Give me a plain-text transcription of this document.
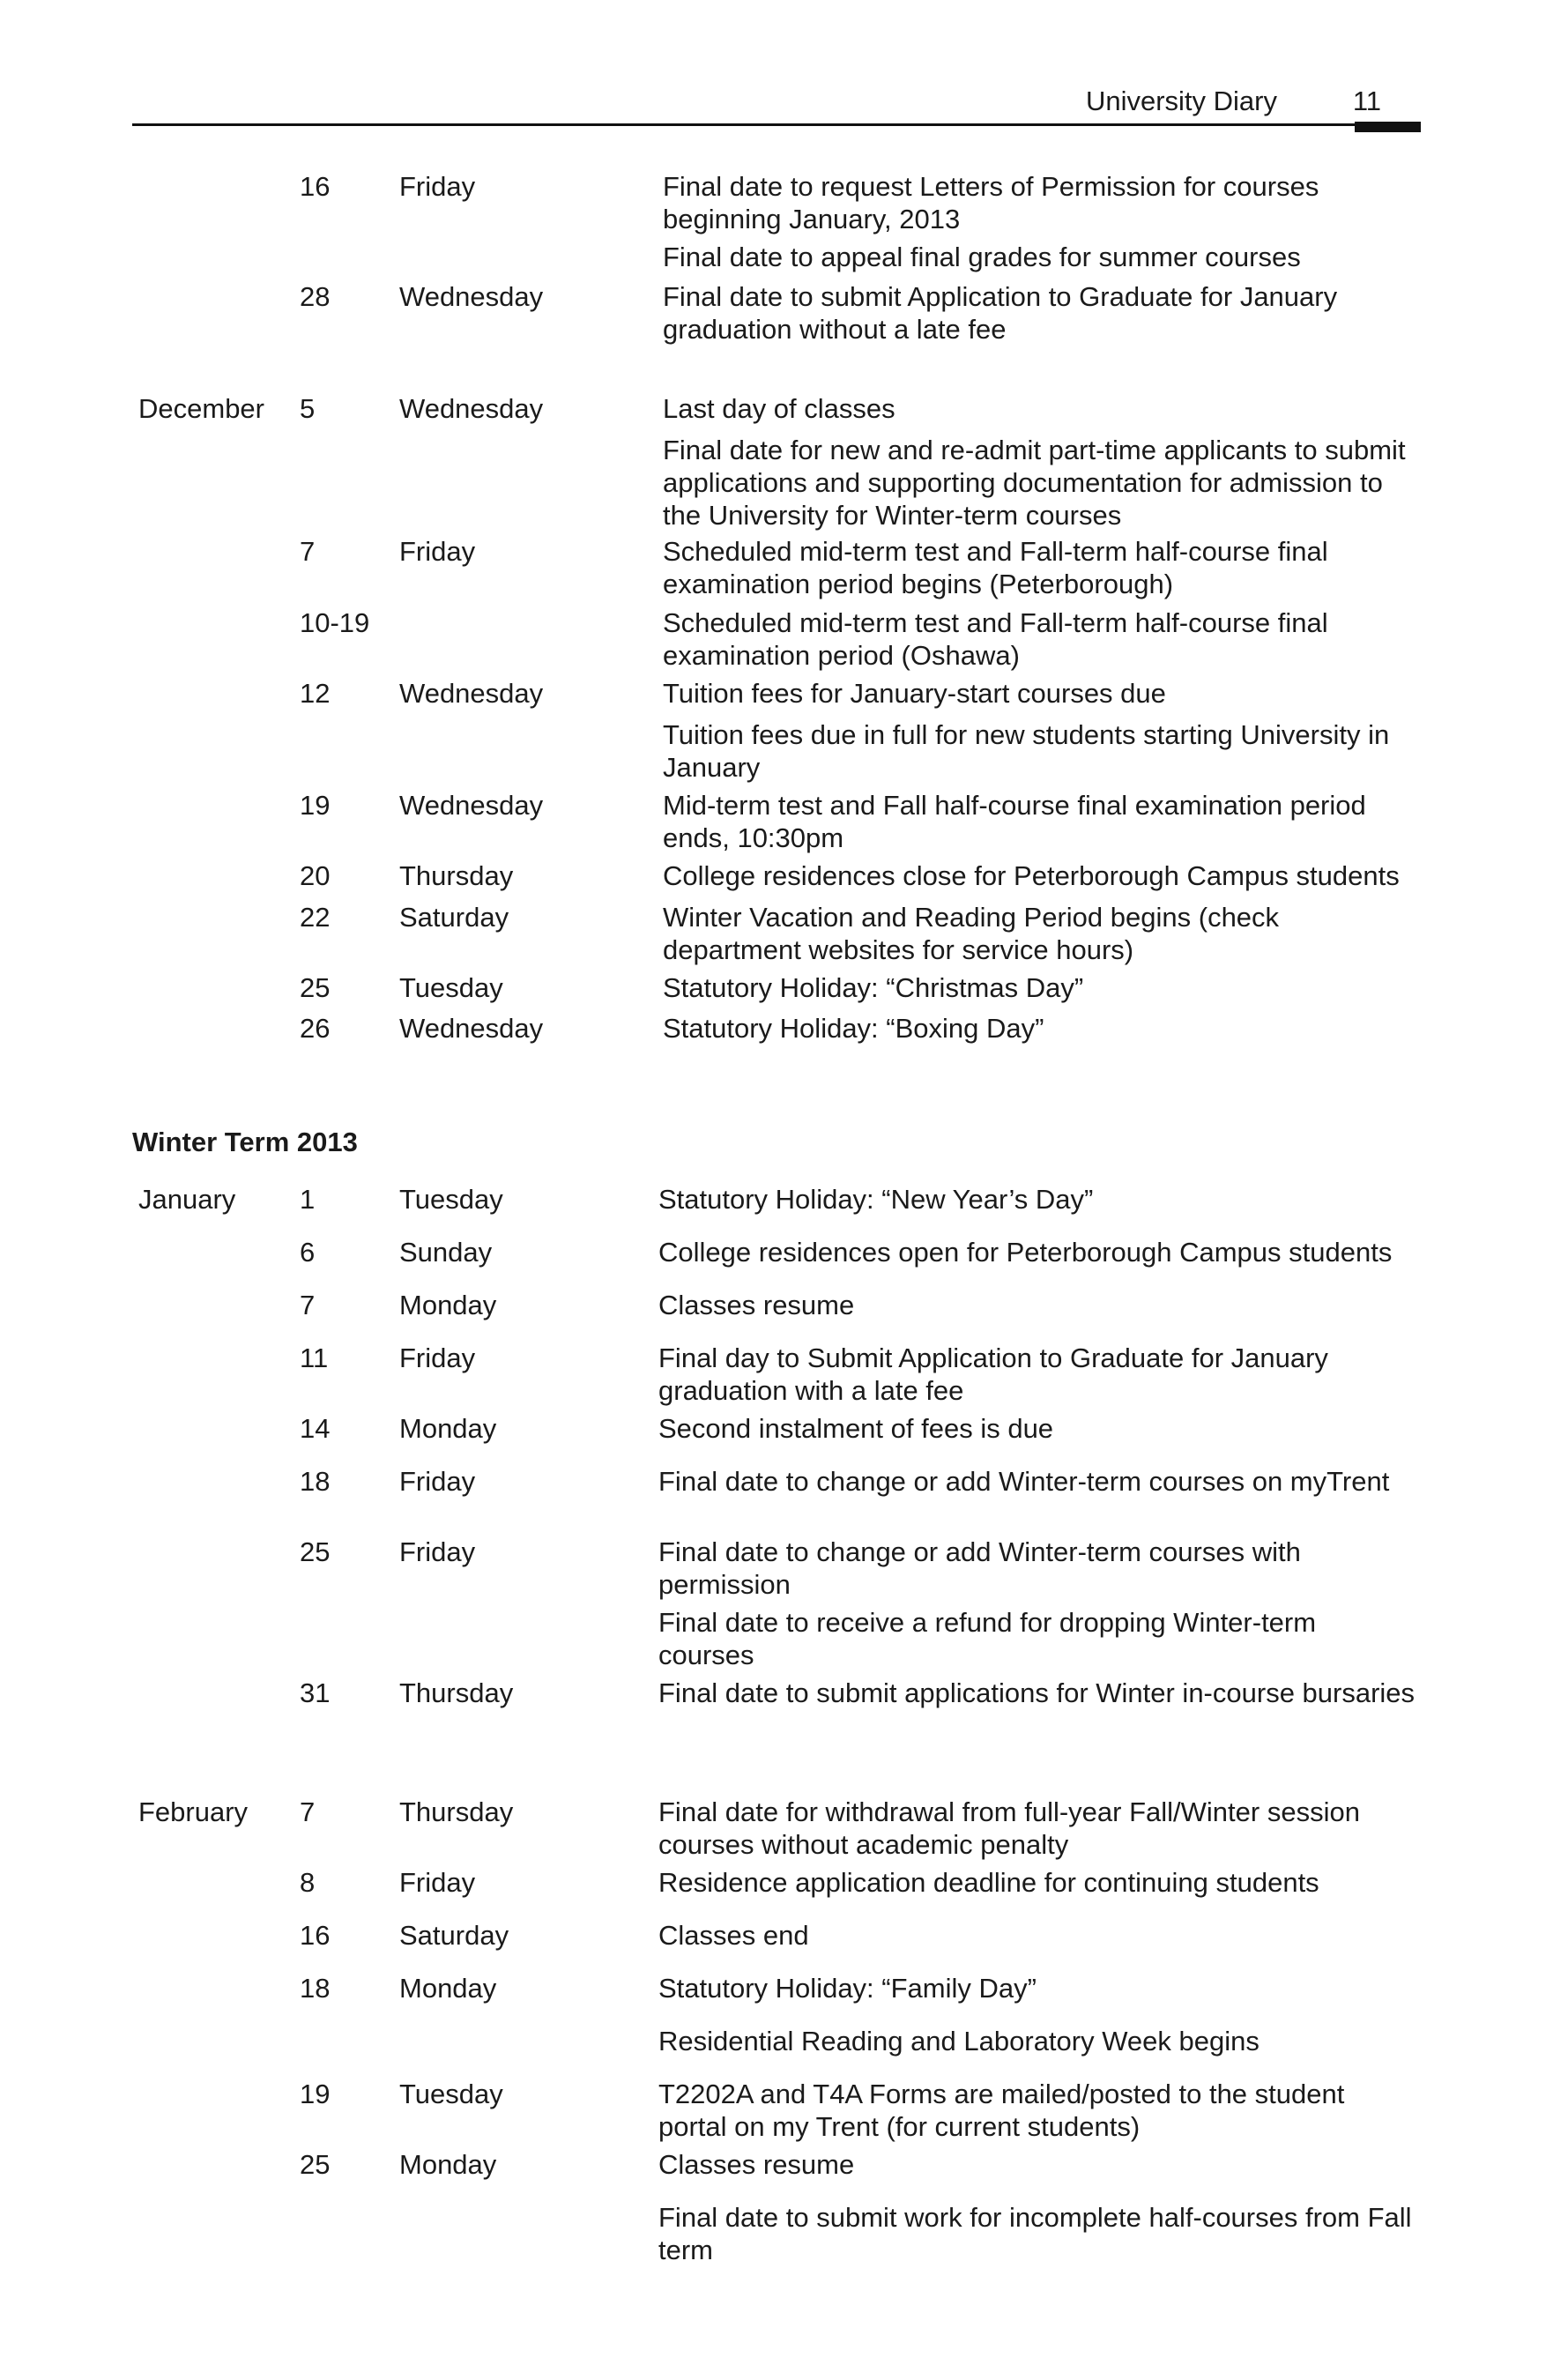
University Diary	11
16	Friday	Final date to request Letters of Permission for courses beginning January, 2013
Final date to appeal final grades for summer courses
28	Wednesday	Final date to submit Application to Graduate for January graduation without a late fee
December 5	Wednesday	Last day of classes
Final date for new and re-admit part-time applicants to submit applications and supporting documentation for admission to the University for Winter-term courses
7	Friday	Scheduled mid-term test and Fall-term half-course final examination period begins (Peterborough)
10-19	Scheduled mid-term test and Fall-term half-course final examination period (Oshawa)
12	Wednesday	Tuition fees for January-start courses due
Tuition fees due in full for new students starting University in January
19	Wednesday	Mid-term test and Fall half-course final examination period ends, 10:30pm
20	Thursday	College residences close for Peterborough Campus students
22	Saturday	Winter Vacation and Reading Period begins (check department websites for service hours)
25	Tuesday	Statutory Holiday: “Christmas Day”
26	Wednesday	Statutory Holiday: “Boxing Day”
Winter Term 2013
January 1	Tuesday	Statutory Holiday: “New Year’s Day”
6	Sunday	College residences open for Peterborough Campus students
7	Monday	Classes resume
11	Friday	Final day to Submit Application to Graduate for January graduation with a late fee
14	Monday	Second instalment of fees is due
18	Friday	Final date to change or add Winter-term courses on myTrent
25	Friday	Final date to change or add Winter-term courses with permission
Final date to receive a refund for dropping Winter-term courses
31	Thursday	Final date to submit applications for Winter in-course bursaries
February 7	Thursday	Final date for withdrawal from full-year Fall/Winter session courses without academic penalty
8	Friday	Residence application deadline for continuing students
16	Saturday	Classes end
18	Monday	Statutory Holiday: “Family Day”
Residential Reading and Laboratory Week begins
19	Tuesday	T2202A and T4A Forms are mailed/posted to the student portal on my Trent (for current students)
25	Monday	Classes resume
Final date to submit work for incomplete half-courses from Fall term
